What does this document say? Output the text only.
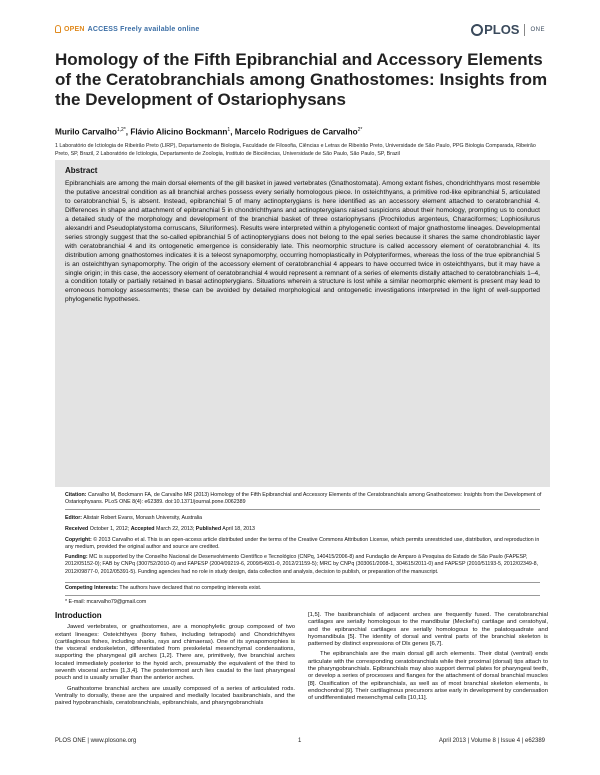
OPEN ACCESS Freely available online	PLOS ONE
Homology of the Fifth Epibranchial and Accessory Elements of the Ceratobranchials among Gnathostomes: Insights from the Development of Ostariophysans
Murilo Carvalho$^{1,2*}$, Flávio Alicino Bockmann$^1$, Marcelo Rodrigues de Carvalho$^{2*}$
1 Laboratório de Ictiologia de Ribeirão Preto (LIRP), Departamento de Biologia, Faculdade de Filosofia, Ciências e Letras de Ribeirão Preto, Universidade de São Paulo, PPG Biologia Comparada, Ribeirão Preto, SP, Brazil, 2 Laboratório de Ictiologia, Departamento de Zoologia, Instituto de Biociências, Universidade de São Paulo, São Paulo, SP, Brazil
Abstract
Epibranchials are among the main dorsal elements of the gill basket in jawed vertebrates (Gnathostomata). Among extant fishes, chondrichthyans most resemble the putative ancestral condition as all branchial arches possess every serially homologous piece. In osteichthyans, a primitive rod-like epibranchial 5, articulated to ceratobranchial 5, is absent. Instead, epibranchial 5 of many actinopterygians is here identified as an accessory element attached to ceratobranchial 4. Differences in shape and attachment of epibranchial 5 in chondrichthyans and actinopterygians raised suspicions about their homology, prompting us to conduct a detailed study of the morphology and development of the branchial basket of three ostariophysans (Prochilodus argenteus, Characiformes; Lophiosilurus alexandri and Pseudoplatystoma corruscans, Siluriformes). Results were interpreted within a phylogenetic context of major gnathostome lineages. Developmental series strongly suggest that the so-called epibranchial 5 of actinopterygians does not belong to the epal series because it shares the same chondroblastic layer with ceratobranchial 4 and its ontogenetic emergence is considerably late. This neomorphic structure is called accessory element of ceratobranchial 4. Its distribution among gnathostomes indicates it is a teleost synapomorphy, occurring homoplastically in Polypteriformes, whereas the loss of the true epibranchial 5 is an osteichthyan synapomorphy. The origin of the accessory element of ceratobranchial 4 appears to have occurred twice in osteichthyans, but it may have a single origin; in this case, the accessory element of ceratobranchial 4 would represent a remnant of a series of elements distally attached to ceratobranchials 1–4, a condition totally or partially retained in basal actinopterygians. Situations wherein a structure is lost while a similar neomorphic element is present may lead to erroneous homology assessments; these can be avoided by detailed morphological and ontogenetic investigations interpreted in the light of well-supported phylogenetic hypotheses.
Citation: Carvalho M, Bockmann FA, de Carvalho MR (2013) Homology of the Fifth Epibranchial and Accessory Elements of the Ceratobranchials among Gnathostomes: Insights from the Development of Ostariophysans. PLoS ONE 8(4): e62389. doi:10.1371/journal.pone.0062389
Editor: Alistair Robert Evans, Monash University, Australia
Received October 1, 2012; Accepted March 22, 2013; Published April 18, 2013
Copyright: © 2013 Carvalho et al. This is an open-access article distributed under the terms of the Creative Commons Attribution License, which permits unrestricted use, distribution, and reproduction in any medium, provided the original author and source are credited.
Funding: MC is supported by the Conselho Nacional de Desenvolvimento Científico e Tecnológico (CNPq, 140415/2006-8) and Fundação de Amparo à Pesquisa do Estado de São Paulo (FAPESP, 2012/05152-0); FAB by CNPq (300752/2010-0) and FAPESP (2004/09219-6, 2009/54931-0, 2012/21159-5); MRC by CNPq (303061/2008-1, 304615/2011-0) and FAPESP (2010/51193-5, 2012/02349-8, 2012/09877-0, 2012/05391-5). Funding agencies had no role in study design, data collection and analysis, decision to publish, or preparation of the manuscript.
Competing Interests: The authors have declared that no competing interests exist.
* E-mail: mcarvalho79@gmail.com
Introduction

Jawed vertebrates, or gnathostomes, are a monophyletic group composed of two extant lineages: Osteichthyes (bony fishes, including tetrapods) and Chondrichthyes (cartilaginous fishes, including sharks, rays and chimaeras). One of its synapomorphies is the visceral endoskeleton, differentiated from preskeletal mesenchymal condensations, supporting the pharyngeal gill arches [1,2]. There are, primitively, five branchial arches located immediately posterior to the hyoid arch, presumably the equivalent of the third to seventh visceral arches [1,3,4]. The posteriormost arch lies caudal to the last pharyngeal pouch and is usually smaller than the anterior arches.

Gnathostome branchial arches are usually composed of a series of articulated rods. Ventrally to dorsally, these are the unpaired and medially located basibranchials, and the paired hypobranchials, ceratobranchials, epibranchials, and pharyngobranchials

[1,5]. The basibranchials of adjacent arches are frequently fused. The ceratobranchial cartilages are serially homologous to the mandibular (Meckel's) cartilage and ceratohyal, and the epibranchial cartilages are serially homologous to the palatoquadrate and hyomandibula [5]. The identity of dorsal and ventral parts of the branchial skeleton is patterned by distinct expressions of Dlx genes [6,7].

The epibranchials are the main dorsal gill arch elements. Their distal (ventral) ends articulate with the corresponding ceratobranchials while their proximal (dorsal) tips attach to the pharyngobranchials. Epibranchials may also support dermal plates for pharyngeal teeth, or develop a series of processes and flanges for the attachment of dorsal branchial muscles [8]. Ossification of the epibranchials, as well as of most branchial skeleton elements, is endochondral [9]. Their cartilaginous precursors arise early in development by condensation of undifferentiated mesenchymal cells [10,11].

PLOS ONE | www.plosone.org	1	April 2013 | Volume 8 | Issue 4 | e62389
